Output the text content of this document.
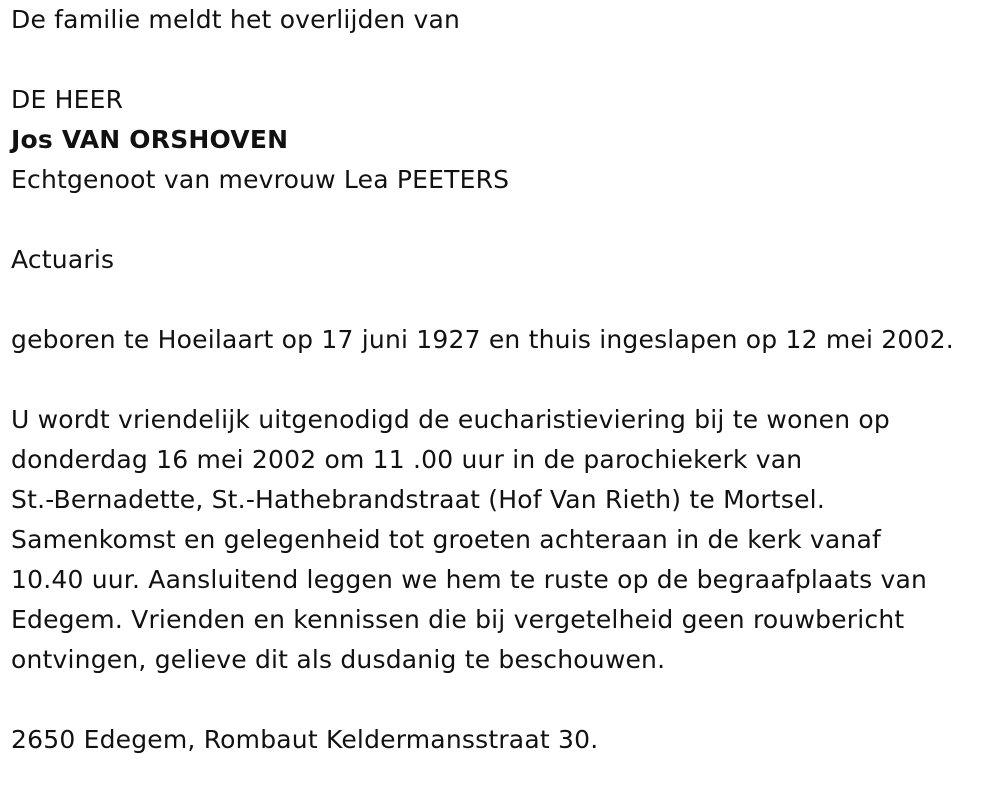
De familie meldt het overlijden van

DE HEER

Jos VAN ORSHOVEN

Echtgenoot van mevrouw Lea PEETERS

Actuaris

geboren te Hoeilaart op 17 juni 1927 en thuis ingeslapen op 12 mei 2002.

U wordt vriendelijk uitgenodigd de eucharistieviering bij te wonen op

donderdag 16 mei 2002 om 11 .00 uur in de parochiekerk van

St.-Bernadette, St.-Hathebrandstraat (Hof Van Rieth) te Mortsel.

Samenkomst en gelegenheid tot groeten achteraan in de kerk vanaf

10.40 uur. Aansluitend leggen we hem te ruste op de begraafplaats van

Edegem. Vrienden en kennissen die bij vergetelheid geen rouwbericht

ontvingen, gelieve dit als dusdanig te beschouwen.

2650 Edegem, Rombaut Keldermansstraat 30.
